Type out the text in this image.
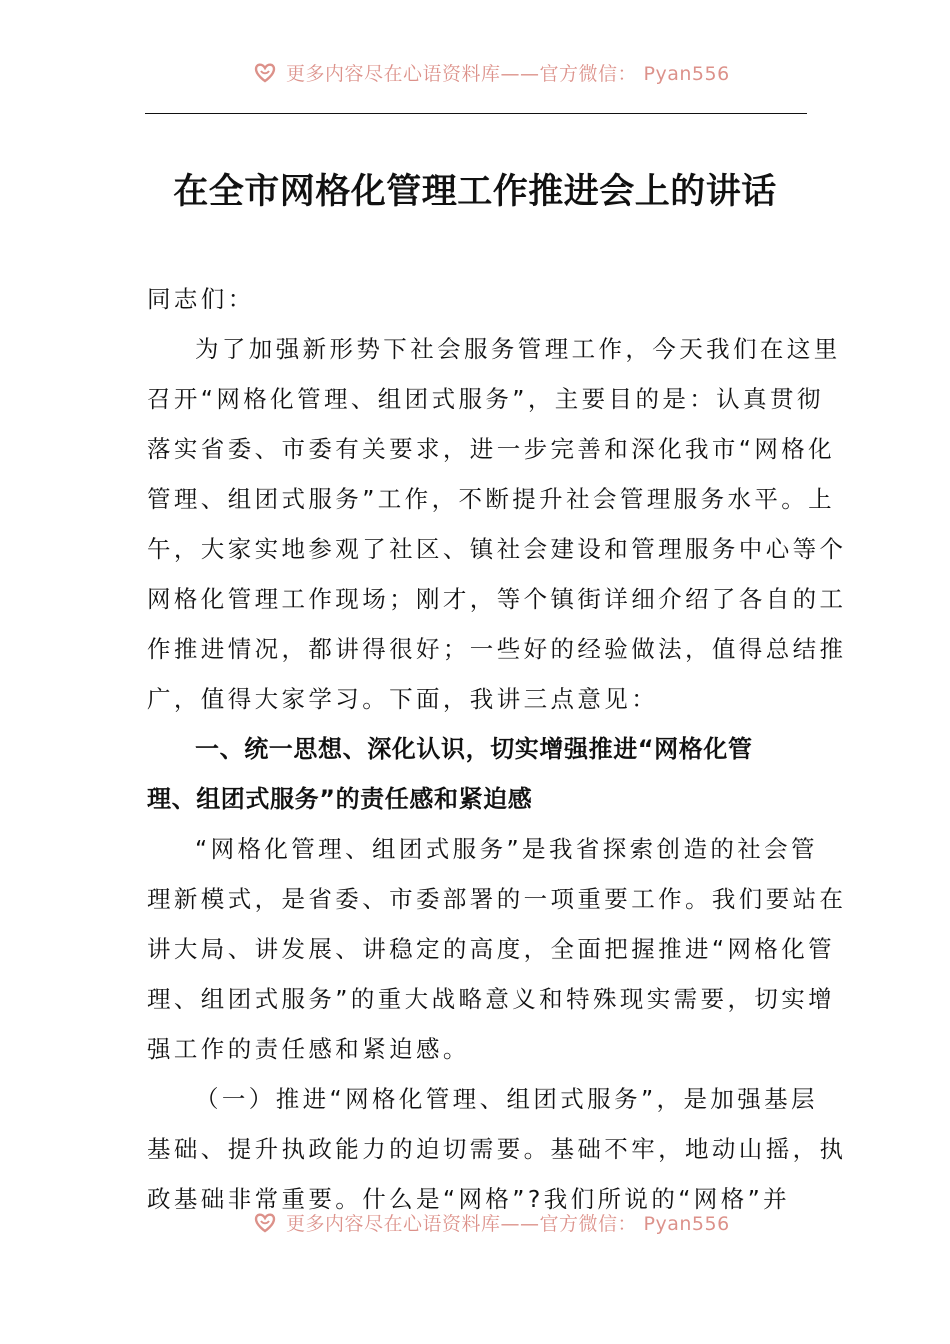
更多内容尽在心语资料库——官方微信： Pyan556
在全市网格化管理工作推进会上的讲话
同志们：
为了加强新形势下社会服务管理工作，今天我们在这里
召开“网格化管理、组团式服务”，主要目的是：认真贯彻
落实省委、市委有关要求，进一步完善和深化我市“网格化
管理、组团式服务”工作，不断提升社会管理服务水平。上
午，大家实地参观了社区、镇社会建设和管理服务中心等个
网格化管理工作现场；刚才，等个镇街详细介绍了各自的工
作推进情况，都讲得很好；一些好的经验做法，值得总结推
广，值得大家学习。下面，我讲三点意见：
一、统一思想、深化认识，切实增强推进“网格化管
理、组团式服务”的责任感和紧迫感
“网格化管理、组团式服务”是我省探索创造的社会管
理新模式，是省委、市委部署的一项重要工作。我们要站在
讲大局、讲发展、讲稳定的高度，全面把握推进“网格化管
理、组团式服务”的重大战略意义和特殊现实需要，切实增
强工作的责任感和紧迫感。
（一）推进“网格化管理、组团式服务”，是加强基层
基础、提升执政能力的迫切需要。基础不牢，地动山摇，执
政基础非常重要。什么是“网格”?我们所说的“网格”并
更多内容尽在心语资料库——官方微信： Pyan556
